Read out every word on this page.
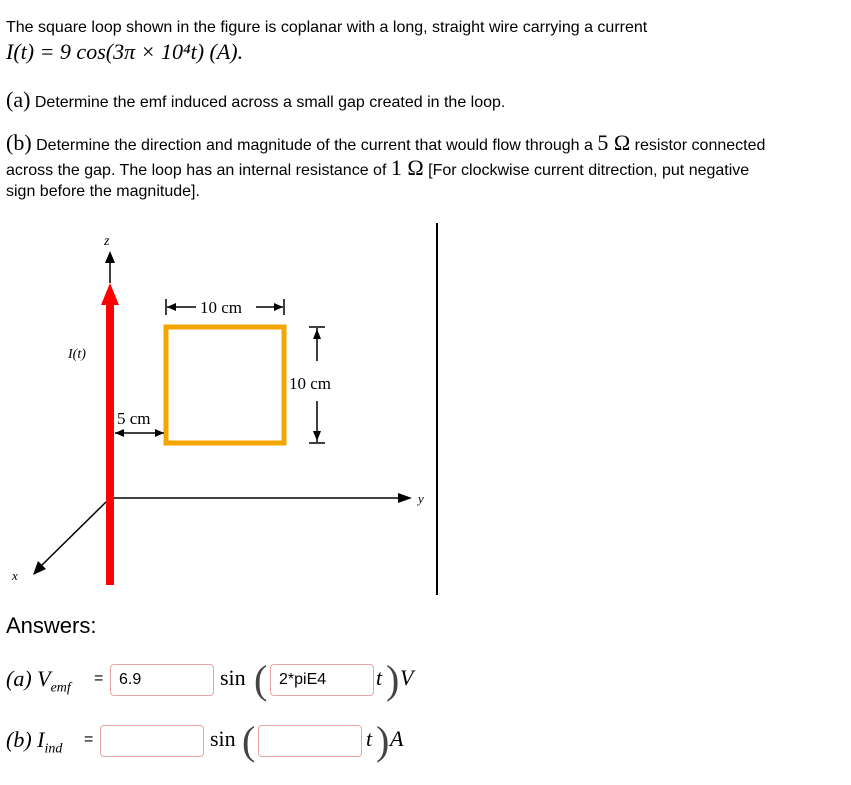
The square loop shown in the figure is coplanar with a long, straight wire carrying a current
I(t) = 9 cos(3π × 10⁴t) (A).
(a) Determine the emf induced across a small gap created in the loop.
(b) Determine the direction and magnitude of the current that would flow through a 5 Ω resistor connected
across the gap. The loop has an internal resistance of 1 Ω [For clockwise current ditrection, put negative
sign before the magnitude].
z
y
x
I(t)
10 cm
10 cm
5 cm
Answers:
(a) $V_{emf}$
= 6.9	sin ( 2*piE4	t ) V
(b) $I_{ind}$
=	sin (	t ) A
